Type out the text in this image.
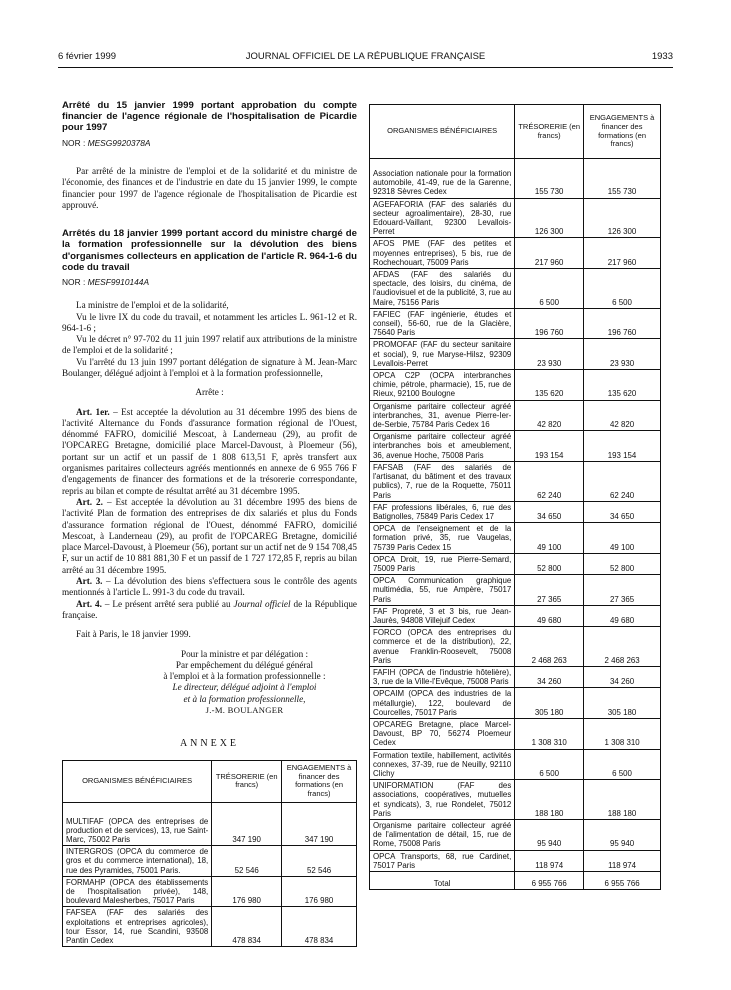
6 février 1999	JOURNAL OFFICIEL DE LA RÉPUBLIQUE FRANÇAISE	1933

Arrêté du 15 janvier 1999 portant approbation du compte financier de l'agence régionale de l'hospitalisation de Picardie pour 1997

NOR : MESG9920378A

Par arrêté de la ministre de l'emploi et de la solidarité et du ministre de l'économie, des finances et de l'industrie en date du 15 janvier 1999, le compte financier pour 1997 de l'agence régionale de l'hospitalisation de Picardie est approuvé.

Arrêtés du 18 janvier 1999 portant accord du ministre chargé de la formation professionnelle sur la dévolution des biens d'organismes collecteurs en application de l'article R. 964-1-6 du code du travail

NOR : MESF9910144A

La ministre de l'emploi et de la solidarité,

Vu le livre IX du code du travail, et notamment les articles L. 961-12 et R. 964-1-6 ;

Vu le décret n° 97-702 du 11 juin 1997 relatif aux attributions de la ministre de l'emploi et de la solidarité ;

Vu l'arrêté du 13 juin 1997 portant délégation de signature à M. Jean-Marc Boulanger, délégué adjoint à l'emploi et à la formation professionnelle,

Arrête :

Art. 1er. – Est acceptée la dévolution au 31 décembre 1995 des biens de l'activité Alternance du Fonds d'assurance formation régional de l'Ouest, dénommé FAFRO, domicilié Mescoat, à Landerneau (29), au profit de l'OPCAREG Bretagne, domicilié place Marcel-Davoust, à Ploemeur (56), portant sur un actif et un passif de 1 808 613,51 F, après transfert aux organismes paritaires collecteurs agréés mentionnés en annexe de 6 955 766 F d'engagements de financer des formations et de la trésorerie correspondante, repris au bilan et compte de résultat arrêté au 31 décembre 1995.

Art. 2. – Est acceptée la dévolution au 31 décembre 1995 des biens de l'activité Plan de formation des entreprises de dix salariés et plus du Fonds d'assurance formation régional de l'Ouest, dénommé FAFRO, domicilié Mescoat, à Landerneau (29), au profit de l'OPCAREG Bretagne, domicilié place Marcel-Davoust, à Ploemeur (56), portant sur un actif net de 9 154 708,45 F, sur un actif de 10 881 881,30 F et un passif de 1 727 172,85 F, repris au bilan arrêté au 31 décembre 1995.

Art. 3. – La dévolution des biens s'effectuera sous le contrôle des agents mentionnés à l'article L. 991-3 du code du travail.

Art. 4. – Le présent arrêté sera publié au Journal officiel de la République française.

Fait à Paris, le 18 janvier 1999.

Pour la ministre et par délégation :
Par empêchement du délégué général
à l'emploi et à la formation professionnelle :
Le directeur, délégué adjoint à l'emploi
et à la formation professionnelle,
J.-M. BOULANGER

ANNEXE

ORGANISMES BÉNÉFICIAIRES	TRÉSORERIE (en francs)	ENGAGEMENTS à financer des formations (en francs)

MULTIFAF (OPCA des entreprises de production et de services), 13, rue Saint-Marc, 75002 Paris	347 190	347 190

INTERGROS (OPCA du commerce de gros et du commerce international), 18, rue des Pyramides, 75001 Paris.	52 546	52 546

FORMAHP (OPCA des établissements de l'hospitalisation privée), 148, boulevard Malesherbes, 75017 Paris	176 980	176 980

FAFSEA (FAF des salariés des exploitations et entreprises agricoles), tour Essor, 14, rue Scandini, 93508 Pantin Cedex	478 834	478 834
ORGANISMES BÉNÉFICIAIRES	TRÉSORERIE (en francs)	ENGAGEMENTS à financer des formations (en francs)

Association nationale pour la formation automobile, 41-49, rue de la Garenne, 92318 Sèvres Cedex	155 730	155 730

AGEFAFORIA (FAF des salariés du secteur agroalimentaire), 28-30, rue Edouard-Vaillant, 92300 Levallois-Perret	126 300	126 300

AFOS PME (FAF des petites et moyennes entreprises), 5 bis, rue de Rochechouart, 75009 Paris	217 960	217 960

AFDAS (FAF des salariés du spectacle, des loisirs, du cinéma, de l'audiovisuel et de la publicité, 3, rue au Maire, 75156 Paris	6 500	6 500

FAFIEC (FAF ingénierie, études et conseil), 56-60, rue de la Glacière, 75640 Paris	196 760	196 760

PROMOFAF (FAF du secteur sanitaire et social), 9, rue Maryse-Hilsz, 92309 Levallois-Perret	23 930	23 930

OPCA C2P (OCPA interbranches chimie, pétrole, pharmacie), 15, rue de Rieux, 92100 Boulogne	135 620	135 620

Organisme paritaire collecteur agréé interbranches, 31, avenue Pierre-Ier-de-Serbie, 75784 Paris Cedex 16	42 820	42 820

Organisme paritaire collecteur agréé interbranches bois et ameublement, 36, avenue Hoche, 75008 Paris	193 154	193 154

FAFSAB (FAF des salariés de l'artisanat, du bâtiment et des travaux publics), 7, rue de la Roquette, 75011 Paris	62 240	62 240

FAF professions libérales, 6, rue des Batignolles, 75849 Paris Cedex 17	34 650	34 650

OPCA de l'enseignement et de la formation privé, 35, rue Vaugelas, 75739 Paris Cedex 15	49 100	49 100

OPCA Droit, 19, rue Pierre-Semard, 75009 Paris	52 800	52 800

OPCA Communication graphique multimédia, 55, rue Ampère, 75017 Paris	27 365	27 365

FAF Propreté, 3 et 3 bis, rue Jean-Jaurès, 94808 Villejuif Cedex	49 680	49 680

FORCO (OPCA des entreprises du commerce et de la distribution), 22, avenue Franklin-Roosevelt, 75008 Paris	2 468 263	2 468 263

FAFIH (OPCA de l'industrie hôtelière), 3, rue de la Ville-l'Evêque, 75008 Paris	34 260	34 260

OPCAIM (OPCA des industries de la métallurgie), 122, boulevard de Courcelles, 75017 Paris	305 180	305 180

OPCAREG Bretagne, place Marcel-Davoust, BP 70, 56274 Ploemeur Cedex	1 308 310	1 308 310

Formation textile, habillement, activités connexes, 37-39, rue de Neuilly, 92110 Clichy	6 500	6 500

UNIFORMATION (FAF des associations, coopératives, mutuelles et syndicats), 3, rue Rondelet, 75012 Paris	188 180	188 180

Organisme paritaire collecteur agréé de l'alimentation de détail, 15, rue de Rome, 75008 Paris	95 940	95 940

OPCA Transports, 68, rue Cardinet, 75017 Paris	118 974	118 974
Total	6 955 766	6 955 766
